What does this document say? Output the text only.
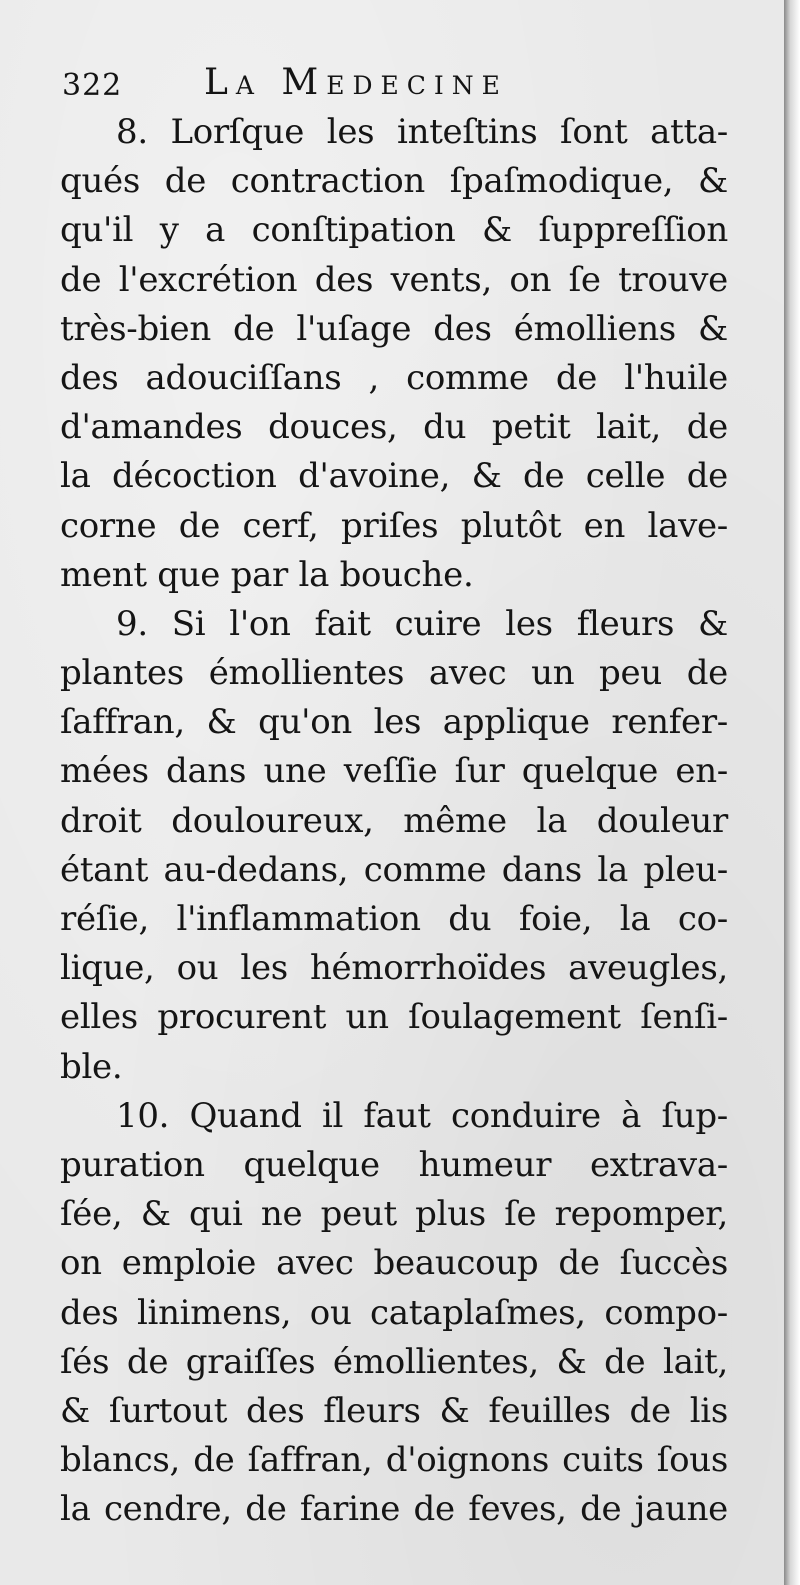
322 La Medecine
8. Lorſque les inteſtins ſont atta-
qués de contraction ſpaſmodique, &
qu'il y a conſtipation & ſuppreſſion
de l'excrétion des vents, on ſe trouve
très-bien de l'uſage des émolliens &
des adouciſſans , comme de l'huile
d'amandes douces, du petit lait, de
la décoction d'avoine, & de celle de
corne de cerf, priſes plutôt en lave-
ment que par la bouche.
9. Si l'on fait cuire les fleurs &
plantes émollientes avec un peu de
ſaffran, & qu'on les applique renfer-
mées dans une veſſie ſur quelque en-
droit douloureux, même la douleur
étant au-dedans, comme dans la pleu-
réſie, l'inflammation du foie, la co-
lique, ou les hémorrhoïdes aveugles,
elles procurent un ſoulagement ſenſi-
ble.
10. Quand il faut conduire à ſup-
puration quelque humeur extrava-
ſée, & qui ne peut plus ſe repomper,
on emploie avec beaucoup de ſuccès
des linimens, ou cataplaſmes, compo-
ſés de graiſſes émollientes, & de lait,
& ſurtout des fleurs & feuilles de lis
blancs, de ſaffran, d'oignons cuits ſous
la cendre, de farine de feves, de jaune
